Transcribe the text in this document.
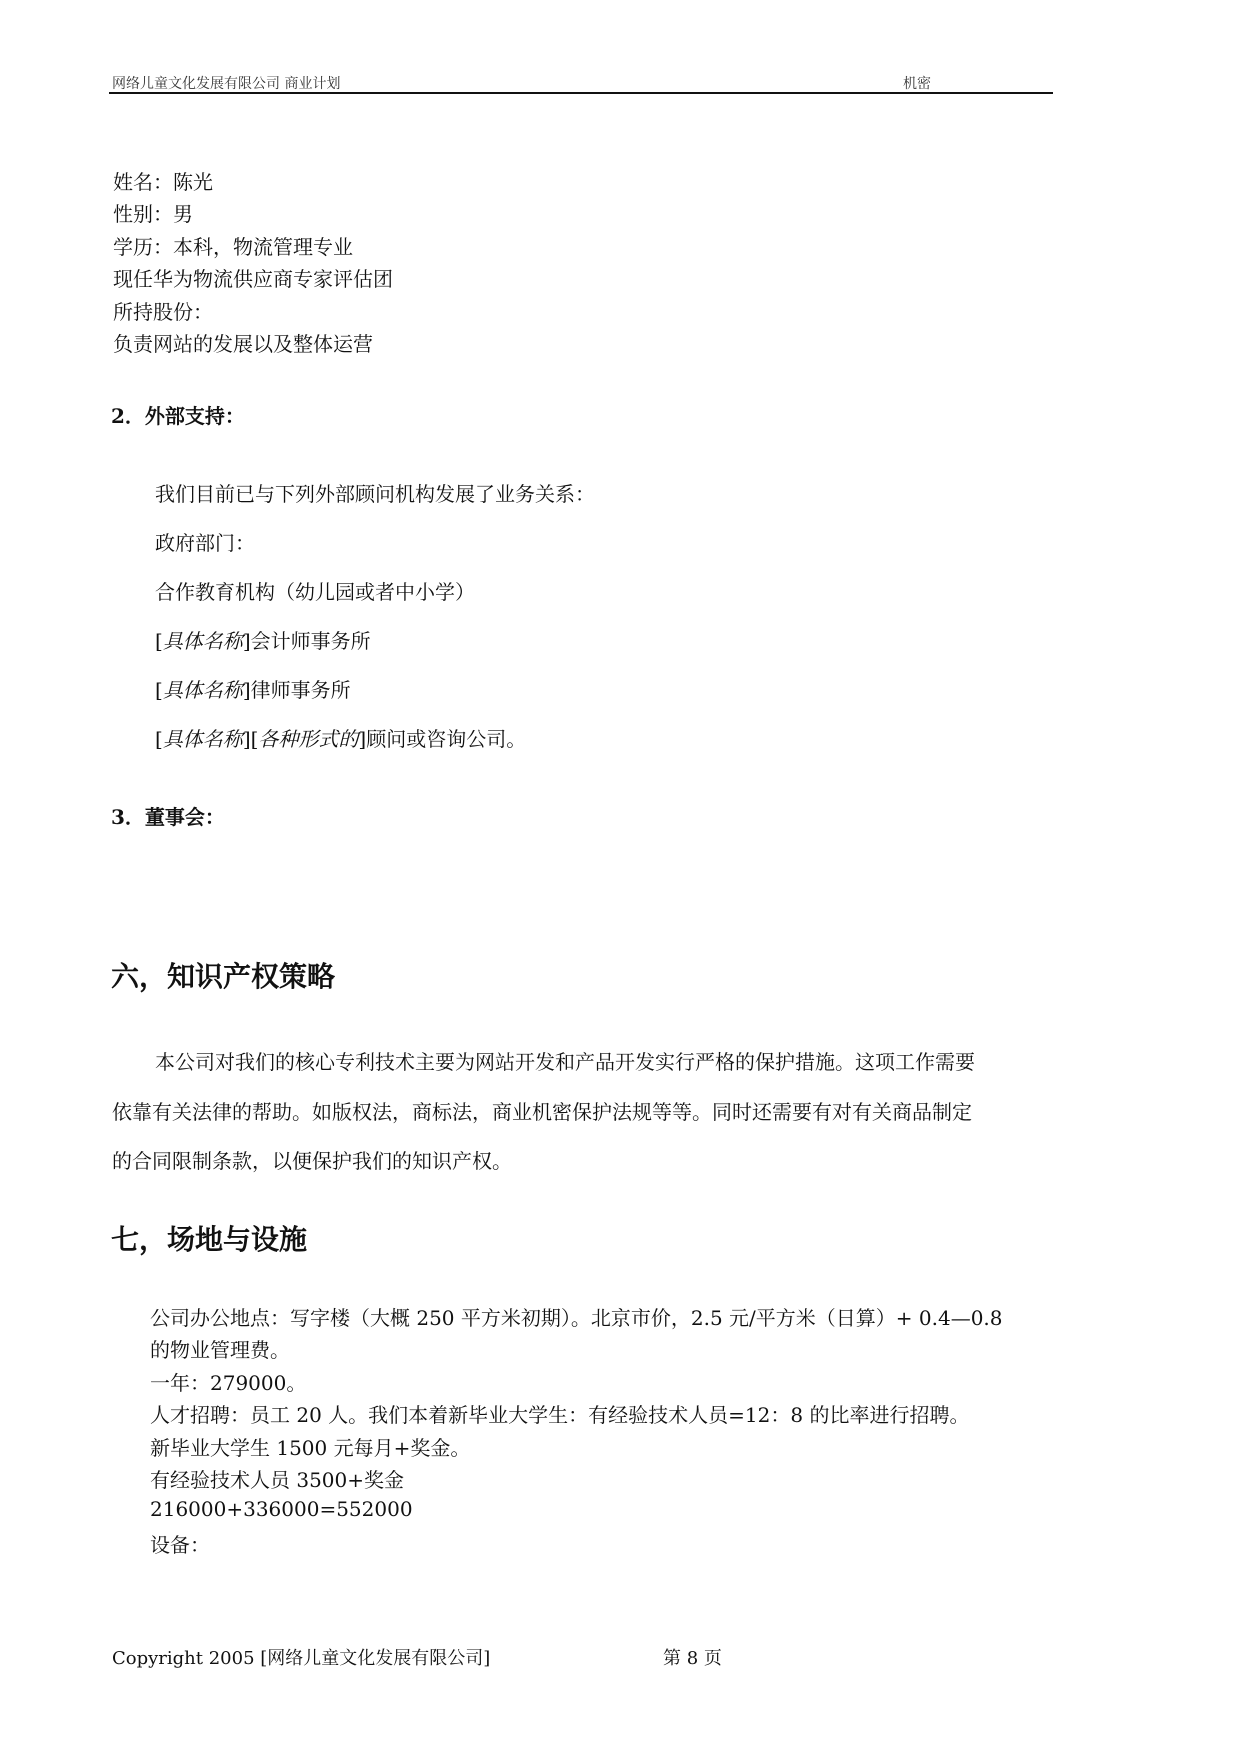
网络儿童文化发展有限公司 商业计划	机密
姓名：陈光
性别：男
学历：本科，物流管理专业
现任华为物流供应商专家评估团
所持股份：
负责网站的发展以及整体运营
2．外部支持：
我们目前已与下列外部顾问机构发展了业务关系：
政府部门：
合作教育机构（幼儿园或者中小学）
[具体名称]会计师事务所
[具体名称]律师事务所
[具体名称][各种形式的]顾问或咨询公司。
3．董事会：
六，知识产权策略
本公司对我们的核心专利技术主要为网站开发和产品开发实行严格的保护措施。这项工作需要
依靠有关法律的帮助。如版权法，商标法，商业机密保护法规等等。同时还需要有对有关商品制定
的合同限制条款，以便保护我们的知识产权。
七，场地与设施
公司办公地点：写字楼（大概 250 平方米初期）。北京市价，2.5 元/平方米（日算）+ 0.4—0.8
的物业管理费。
一年：279000。
人才招聘：员工 20 人。我们本着新毕业大学生：有经验技术人员=12：8 的比率进行招聘。
新毕业大学生 1500 元每月+奖金。
有经验技术人员 3500+奖金
216000+336000=552000
设备：
Copyright 2005 [网络儿童文化发展有限公司]	第 8 页
